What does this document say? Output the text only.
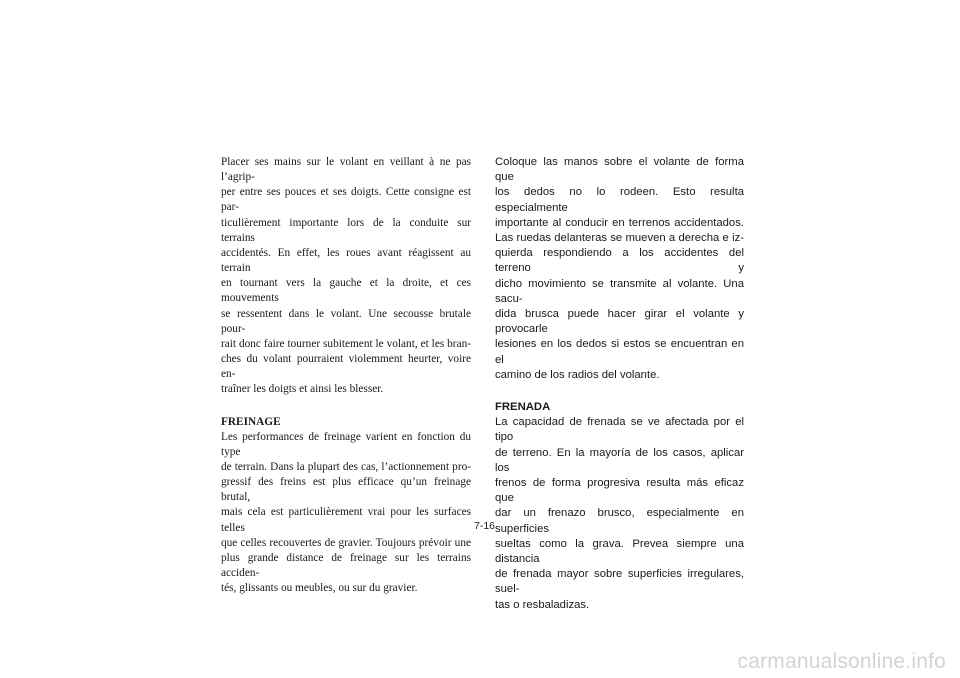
Placer ses mains sur le volant en veillant à ne pas l’agrip-
per entre ses pouces et ses doigts. Cette consigne est par-
ticulièrement importante lors de la conduite sur terrains
accidentés. En effet, les roues avant réagissent au terrain
en tournant vers la gauche et la droite, et ces mouvements
se ressentent dans le volant. Une secousse brutale pour-
rait donc faire tourner subitement le volant, et les bran-
ches du volant pourraient violemment heurter, voire en-
traîner les doigts et ainsi les blesser.
FREINAGE
Les performances de freinage varient en fonction du type
de terrain. Dans la plupart des cas, l’actionnement pro-
gressif des freins est plus efficace qu’un freinage brutal,
mais cela est particulièrement vrai pour les surfaces telles
que celles recouvertes de gravier. Toujours prévoir une
plus grande distance de freinage sur les terrains acciden-
tés, glissants ou meubles, ou sur du gravier.
Coloque las manos sobre el volante de forma que
los dedos no lo rodeen. Esto resulta especialmente
importante al conducir en terrenos accidentados.
Las ruedas delanteras se mueven a derecha e iz-
quierda respondiendo a los accidentes del terreno y
dicho movimiento se transmite al volante. Una sacu-
dida brusca puede hacer girar el volante y provocarle
lesiones en los dedos si estos se encuentran en el
camino de los radios del volante.
FRENADA
La capacidad de frenada se ve afectada por el tipo
de terreno. En la mayoría de los casos, aplicar los
frenos de forma progresiva resulta más eficaz que
dar un frenazo brusco, especialmente en superficies
sueltas como la grava. Prevea siempre una distancia
de frenada mayor sobre superficies irregulares, suel-
tas o resbaladizas.
7-16
carmanualsonline.info
